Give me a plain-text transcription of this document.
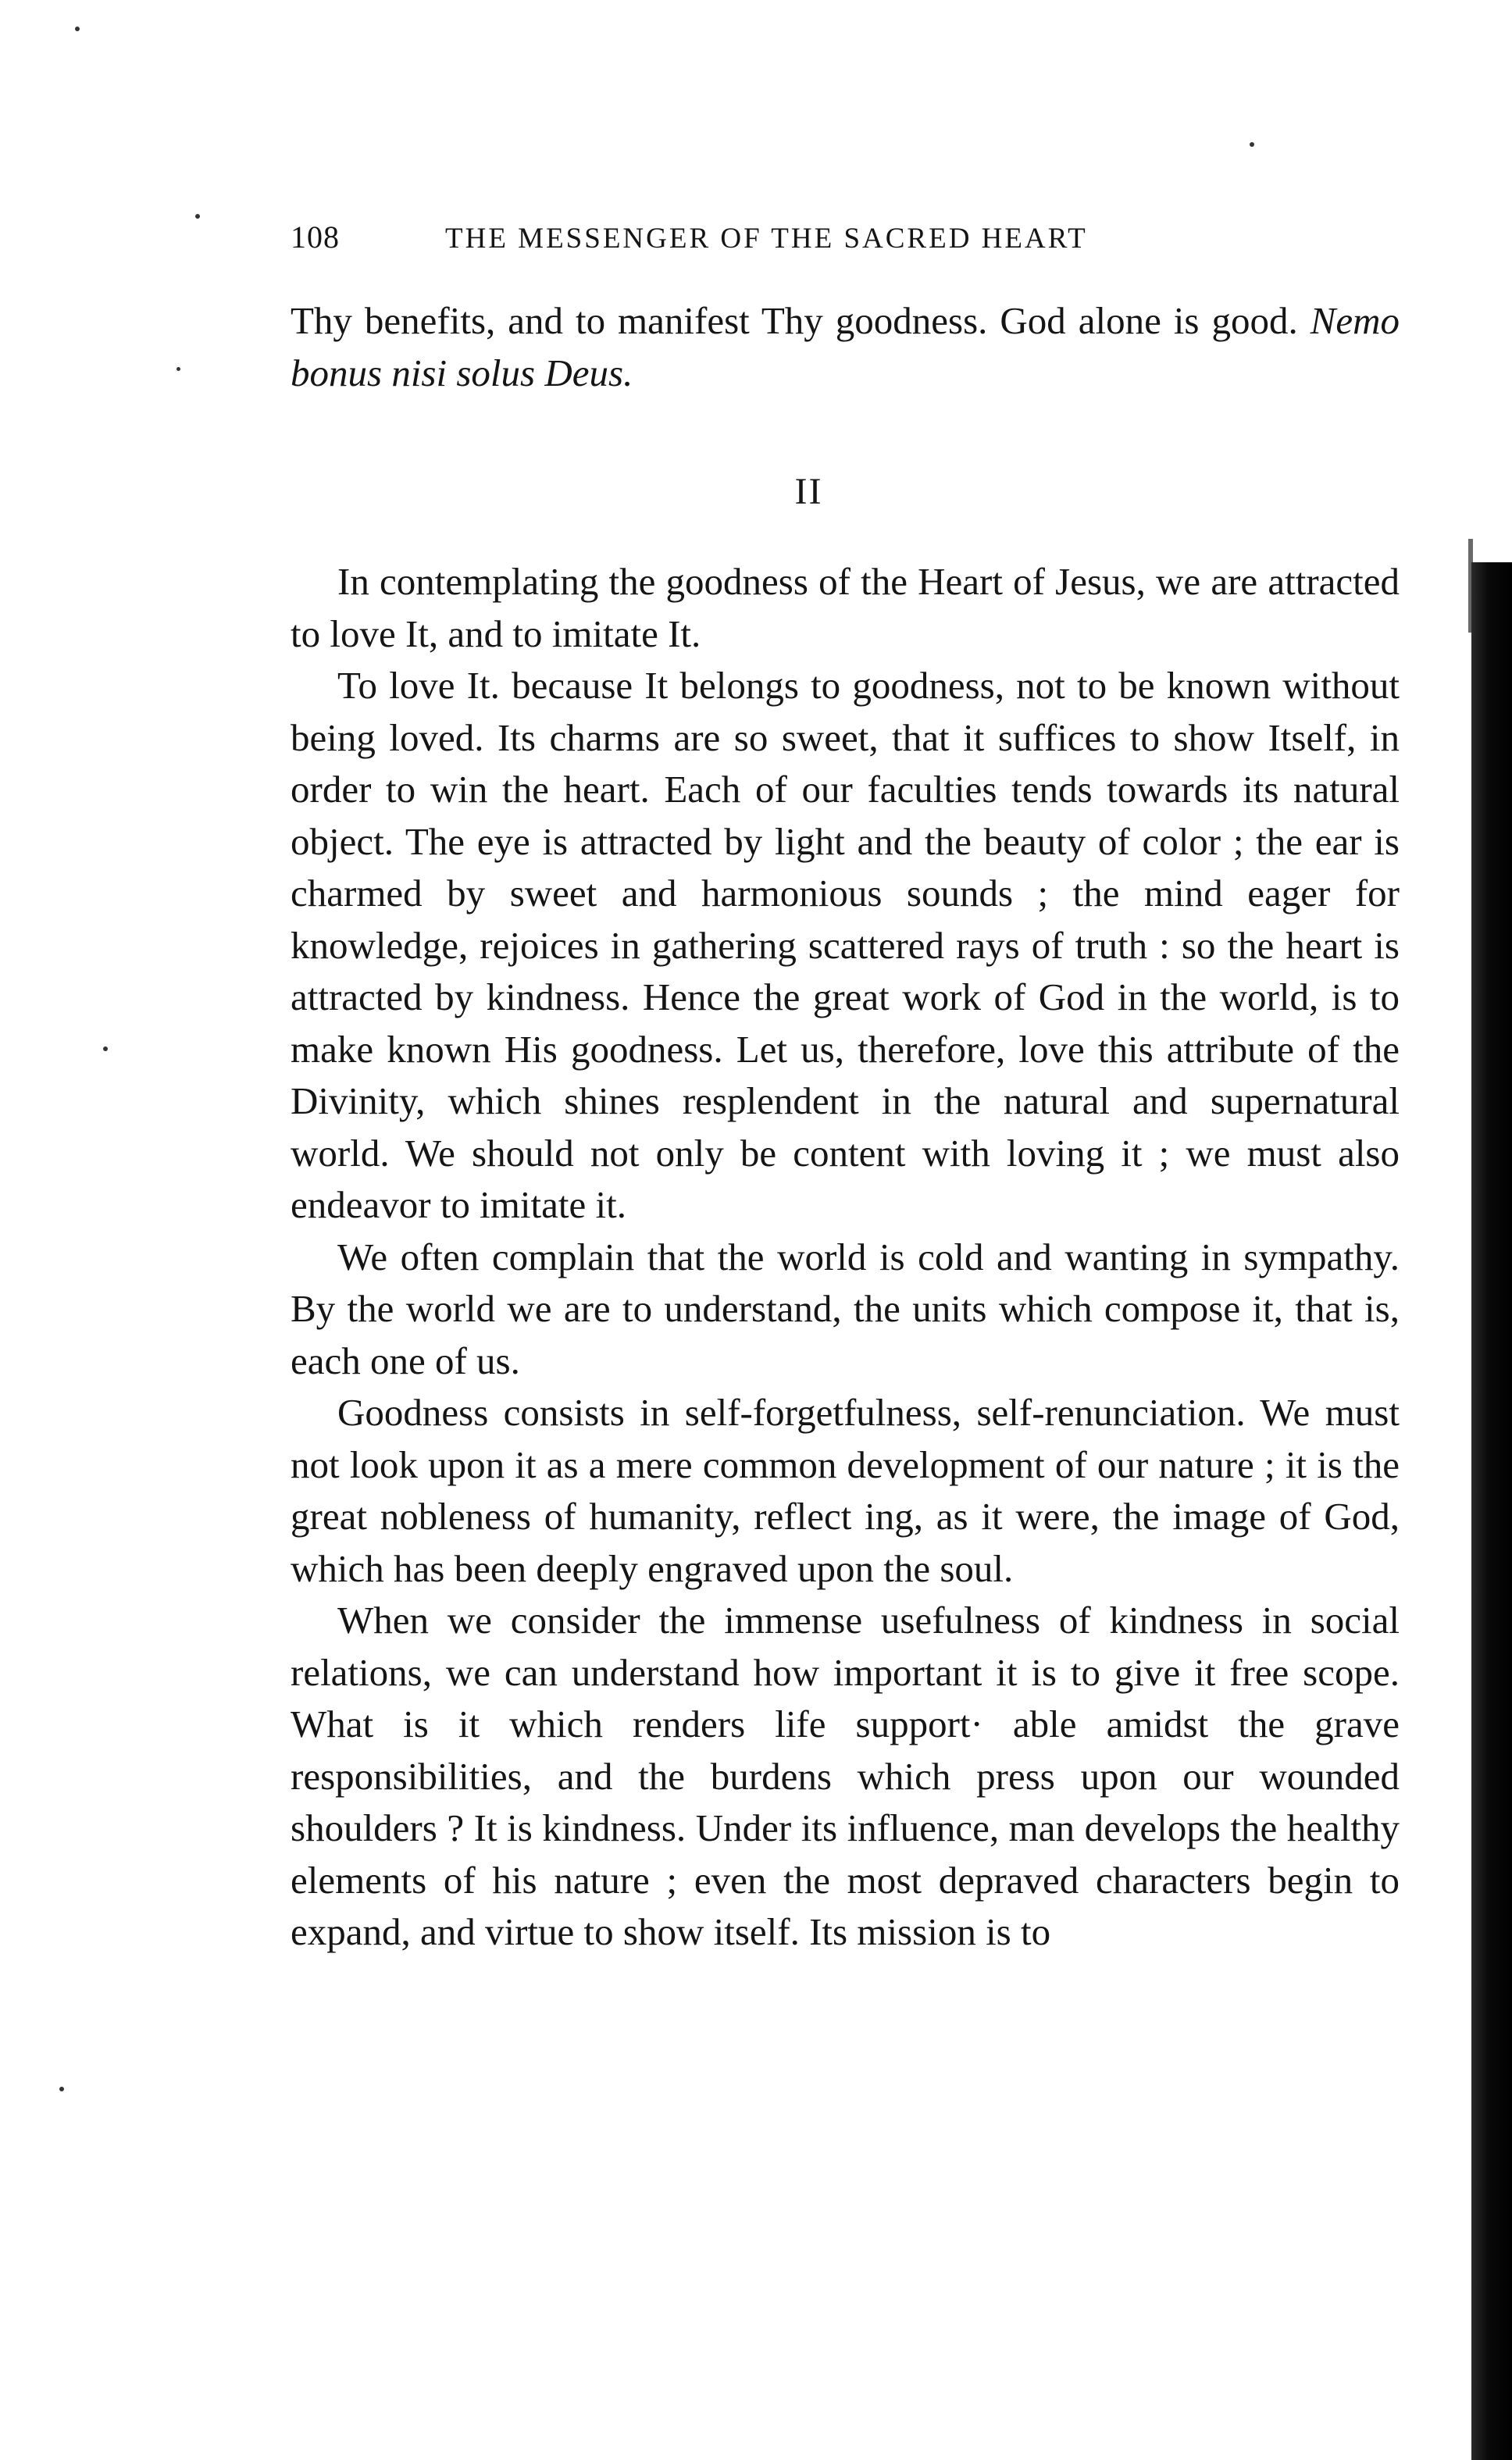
108	THE MESSENGER OF THE SACRED HEART

Thy benefits, and to manifest Thy goodness. God alone is good. Nemo bonus nisi solus Deus.

II

In contemplating the goodness of the Heart of Jesus, we are attracted to love It, and to imitate It.

To love It. because It belongs to goodness, not to be known without being loved. Its charms are so sweet, that it suffices to show Itself, in order to win the heart. Each of our faculties tends towards its natural object. The eye is attracted by light and the beauty of color ; the ear is charmed by sweet and harmonious sounds ; the mind eager for knowledge, rejoices in gathering scattered rays of truth : so the heart is attracted by kindness. Hence the great work of God in the world, is to make known His goodness. Let us, therefore, love this attribute of the Divinity, which shines resplendent in the natural and supernatural world. We should not only be content with loving it ; we must also endeavor to imitate it.

We often complain that the world is cold and wanting in sympathy. By the world we are to understand, the units which compose it, that is, each one of us.

Goodness consists in self-forgetfulness, self-renunciation. We must not look upon it as a mere common development of our nature ; it is the great nobleness of humanity, reflect ing, as it were, the image of God, which has been deeply engraved upon the soul.

When we consider the immense usefulness of kindness in social relations, we can understand how important it is to give it free scope. What is it which renders life support· able amidst the grave responsibilities, and the burdens which press upon our wounded shoulders ? It is kindness. Under its influence, man develops the healthy elements of his nature ; even the most depraved characters begin to expand, and virtue to show itself. Its mission is to
